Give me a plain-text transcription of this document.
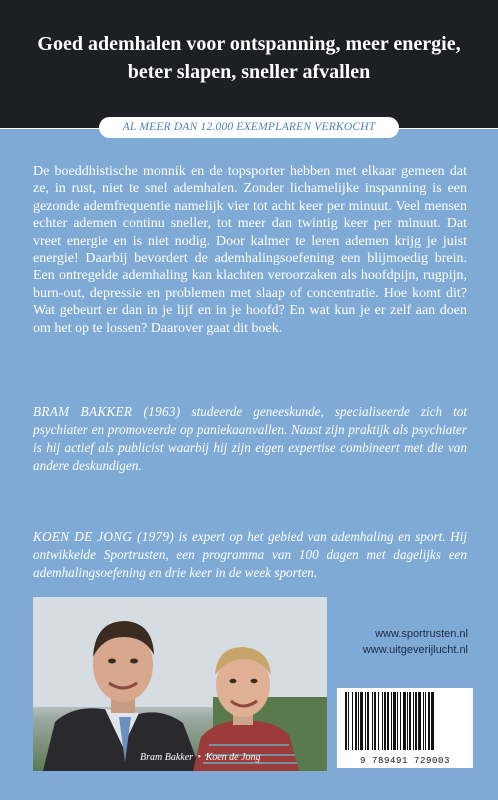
Goed ademhalen voor ontspanning, meer energie,
beter slapen, sneller afvallen
AL MEER DAN 12.000 EXEMPLAREN VERKOCHT
De boeddhistische monnik en de topsporter hebben met elkaar gemeen dat ze, in rust, niet te snel ademhalen. Zonder lichamelijke inspanning is een gezonde ademfrequentie namelijk vier tot acht keer per minuut. Veel mensen echter ademen continu sneller, tot meer dan twintig keer per minuut. Dat vreet energie en is niet nodig. Door kalmer te leren ademen krijg je juist energie! Daarbij bevordert de ademhalingsoefening een blijmoedig brein. Een ontregelde ademhaling kan klachten veroorzaken als hoofdpijn, rugpijn, burn-out, depressie en problemen met slaap of concentratie. Hoe komt dit? Wat gebeurt er dan in je lijf en in je hoofd? En wat kun je er zelf aan doen om het op te lossen? Daarover gaat dit boek.
BRAM BAKKER (1963) studeerde geneeskunde, specialiseerde zich tot psychiater en promoveerde op paniekaanvallen. Naast zijn praktijk als psychiater is hij actief als publicist waarbij hij zijn eigen expertise combineert met die van andere deskundigen.
KOEN DE JONG (1979) is expert op het gebied van ademhaling en sport. Hij ontwikkelde Sportrusten, een programma van 100 dagen met dagelijks een ademhalingsoefening en drie keer in de week sporten.
Bram Bakker • Koen de Jong
www.sportrusten.nl
www.uitgeverijlucht.nl
9 789491 729003
